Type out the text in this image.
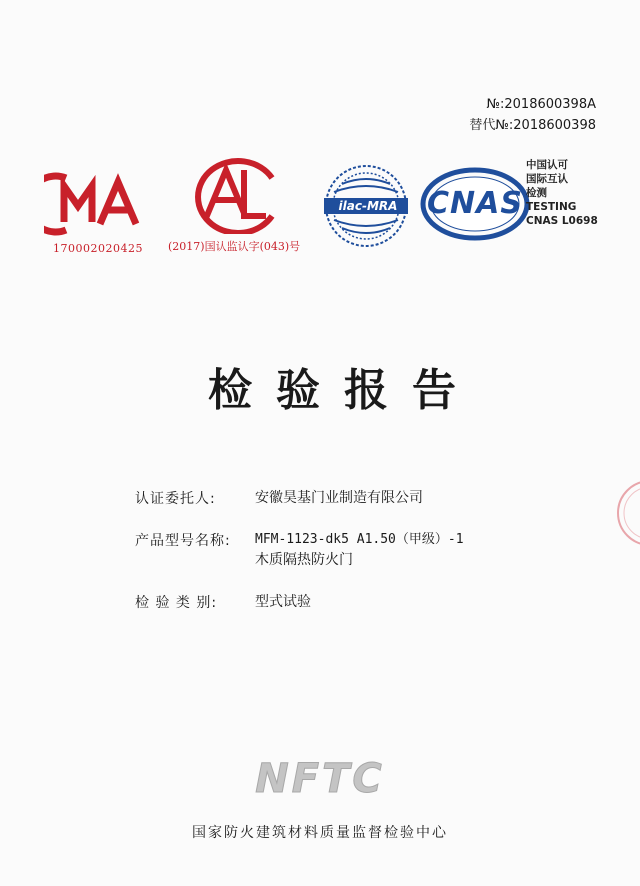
№:2018600398A
替代№:2018600398
170002020425	(2017)国认监认字(043)号
ilac-MRA CNAS
中国认可
国际互认
检测
TESTING
CNAS L0698
检验报告
认证委托人:	安徽昊基门业制造有限公司
产品型号名称:	MFM-1123-dk5 A1.50（甲级）-1
木质隔热防火门
检 验 类 别:	型式试验
NFTC
国家防火建筑材料质量监督检验中心
